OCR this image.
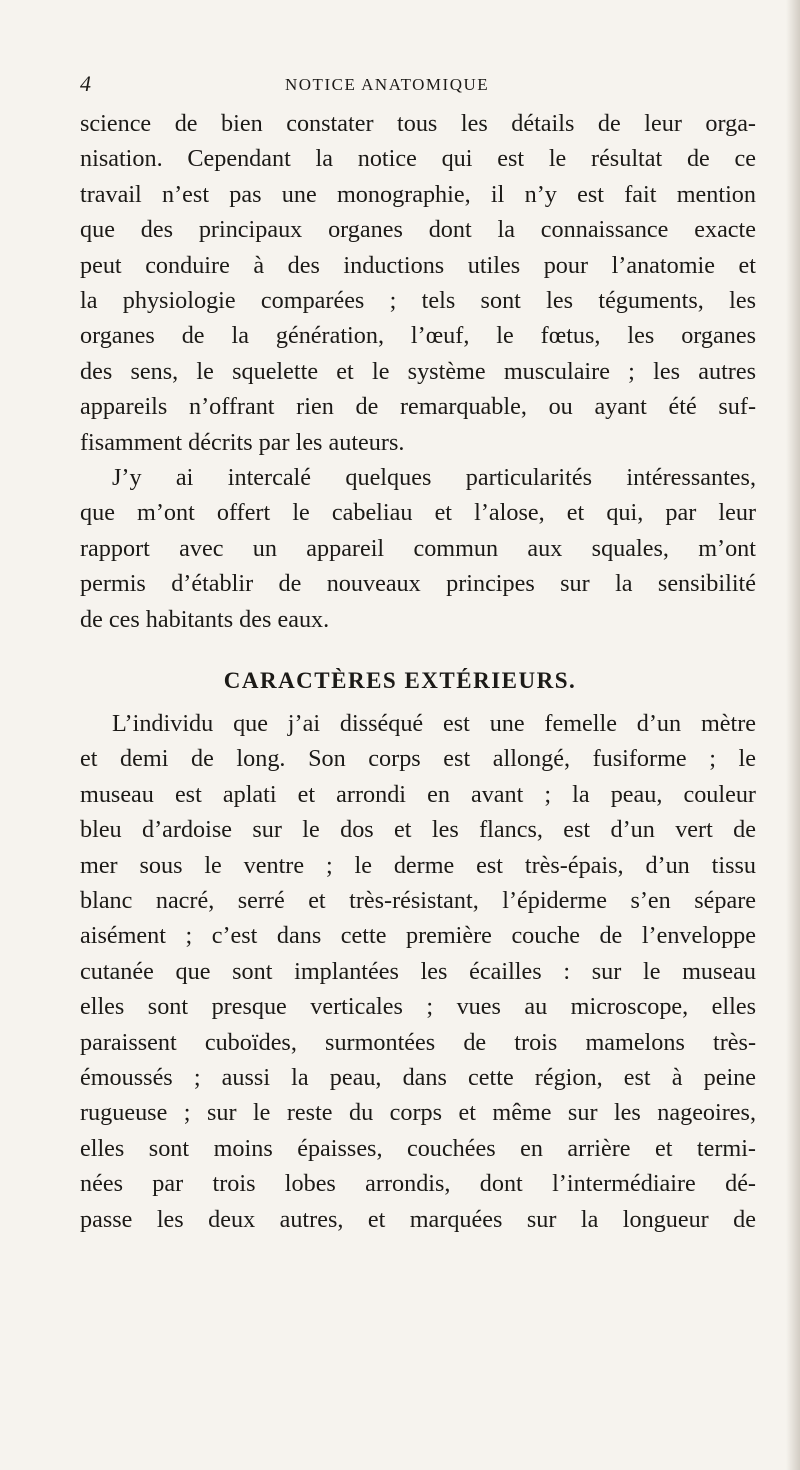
4	NOTICE ANATOMIQUE
science de bien constater tous les détails de leur orga-
nisation. Cependant la notice qui est le résultat de ce
travail n’est pas une monographie, il n’y est fait mention
que des principaux organes dont la connaissance exacte
peut conduire à des inductions utiles pour l’anatomie et
la physiologie comparées ; tels sont les téguments, les
organes de la génération, l’œuf, le fœtus, les organes
des sens, le squelette et le système musculaire ; les autres
appareils n’offrant rien de remarquable, ou ayant été suf-
fisamment décrits par les auteurs.
J’y ai intercalé quelques particularités intéressantes,
que m’ont offert le cabeliau et l’alose, et qui, par leur
rapport avec un appareil commun aux squales, m’ont
permis d’établir de nouveaux principes sur la sensibilité
de ces habitants des eaux.
CARACTÈRES EXTÉRIEURS.
L’individu que j’ai disséqué est une femelle d’un mètre
et demi de long. Son corps est allongé, fusiforme ; le
museau est aplati et arrondi en avant ; la peau, couleur
bleu d’ardoise sur le dos et les flancs, est d’un vert de
mer sous le ventre ; le derme est très-épais, d’un tissu
blanc nacré, serré et très-résistant, l’épiderme s’en sépare
aisément ; c’est dans cette première couche de l’enveloppe
cutanée que sont implantées les écailles : sur le museau
elles sont presque verticales ; vues au microscope, elles
paraissent cuboïdes, surmontées de trois mamelons très-
émoussés ; aussi la peau, dans cette région, est à peine
rugueuse ; sur le reste du corps et même sur les nageoires,
elles sont moins épaisses, couchées en arrière et termi-
nées par trois lobes arrondis, dont l’intermédiaire dé-
passe les deux autres, et marquées sur la longueur de
